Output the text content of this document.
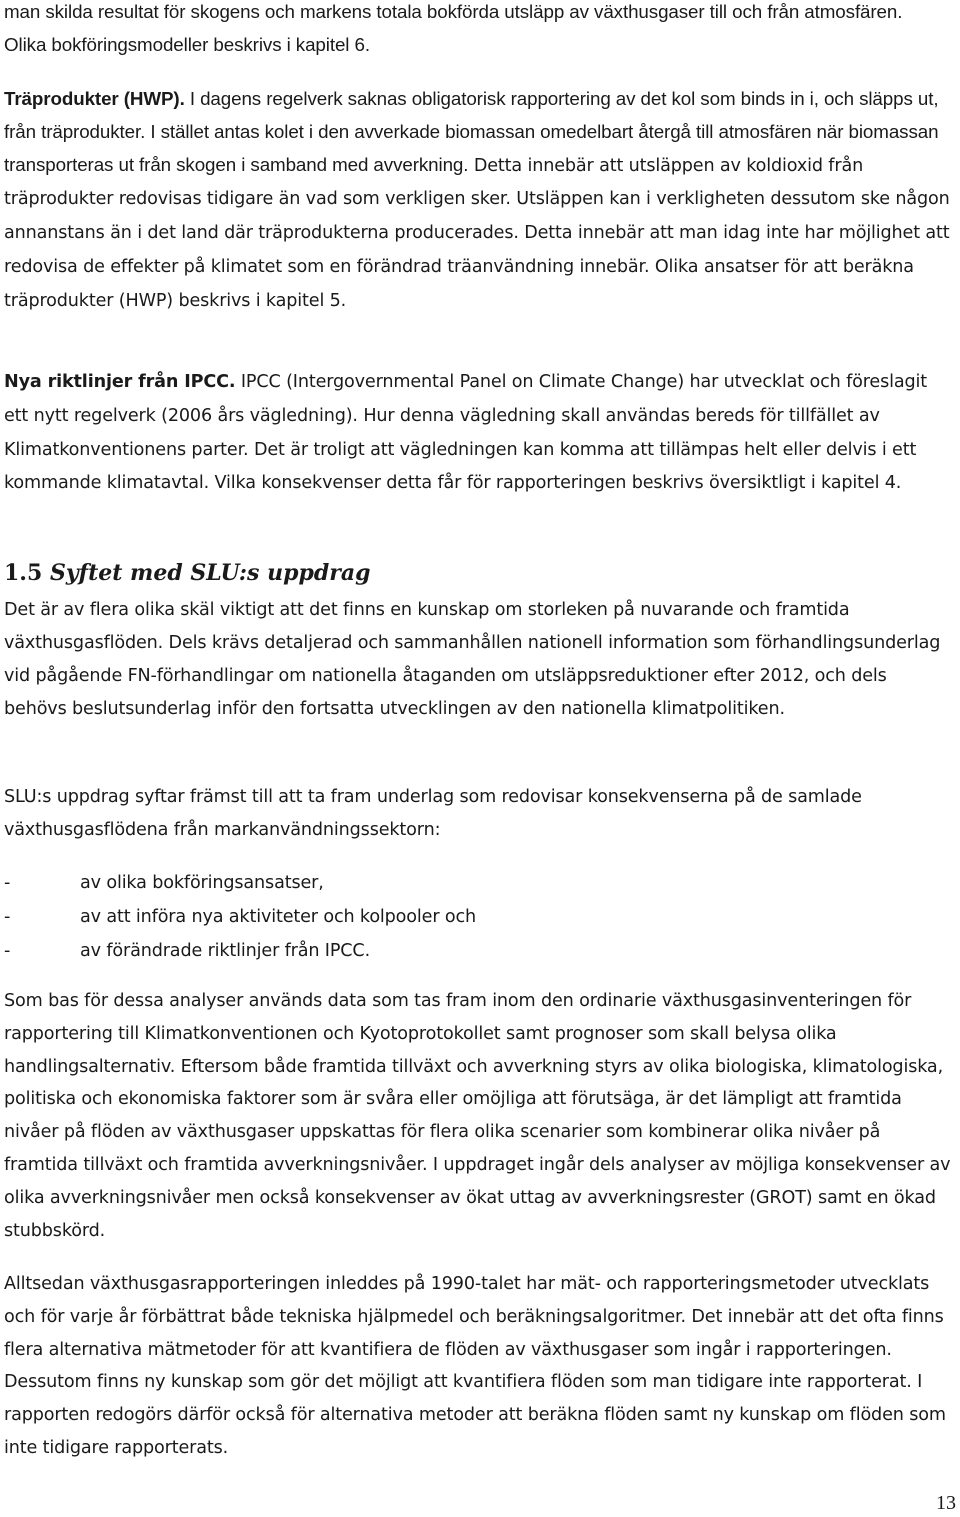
man skilda resultat för skogens och markens totala bokförda utsläpp av växthusgaser till och från atmosfären. Olika bokföringsmodeller beskrivs i kapitel 6.

Träprodukter (HWP). I dagens regelverk saknas obligatorisk rapportering av det kol som binds in i, och släpps ut, från träprodukter. I stället antas kolet i den avverkade biomassan omedelbart återgå till atmosfären när biomassan transporteras ut från skogen i samband med avverkning. Detta innebär att utsläppen av koldioxid från träprodukter redovisas tidigare än vad som verkligen sker. Utsläppen kan i verkligheten dessutom ske någon annanstans än i det land där träprodukterna producerades. Detta innebär att man idag inte har möjlighet att redovisa de effekter på klimatet som en förändrad träanvändning innebär. Olika ansatser för att beräkna träprodukter (HWP) beskrivs i kapitel 5.

Nya riktlinjer från IPCC. IPCC (Intergovernmental Panel on Climate Change) har utvecklat och föreslagit ett nytt regelverk (2006 års vägledning). Hur denna vägledning skall användas bereds för tillfället av Klimatkonventionens parter. Det är troligt att vägledningen kan komma att tillämpas helt eller delvis i ett kommande klimatavtal. Vilka konsekvenser detta får för rapporteringen beskrivs översiktligt i kapitel 4.

1.5 Syftet med SLU:s uppdrag

Det är av flera olika skäl viktigt att det finns en kunskap om storleken på nuvarande och framtida växthusgasflöden. Dels krävs detaljerad och sammanhållen nationell information som förhandlingsunderlag vid pågående FN-förhandlingar om nationella åtaganden om utsläppsreduktioner efter 2012, och dels behövs beslutsunderlag inför den fortsatta utvecklingen av den nationella klimatpolitiken.

SLU:s uppdrag syftar främst till att ta fram underlag som redovisar konsekvenserna på de samlade växthusgasflödena från markanvändningssektorn:

-	av olika bokföringsansatser,
-	av att införa nya aktiviteter och kolpooler och
-	av förändrade riktlinjer från IPCC.

Som bas för dessa analyser används data som tas fram inom den ordinarie växthusgasinventeringen för rapportering till Klimatkonventionen och Kyotoprotokollet samt prognoser som skall belysa olika handlingsalternativ. Eftersom både framtida tillväxt och avverkning styrs av olika biologiska, klimatologiska, politiska och ekonomiska faktorer som är svåra eller omöjliga att förutsäga, är det lämpligt att framtida nivåer på flöden av växthusgaser uppskattas för flera olika scenarier som kombinerar olika nivåer på framtida tillväxt och framtida avverkningsnivåer. I uppdraget ingår dels analyser av möjliga konsekvenser av olika avverkningsnivåer men också konsekvenser av ökat uttag av avverkningsrester (GROT) samt en ökad stubbskörd.

Alltsedan växthusgasrapporteringen inleddes på 1990-talet har mät- och rapporteringsmetoder utvecklats och för varje år förbättrat både tekniska hjälpmedel och beräkningsalgoritmer. Det innebär att det ofta finns flera alternativa mätmetoder för att kvantifiera de flöden av växthusgaser som ingår i rapporteringen. Dessutom finns ny kunskap som gör det möjligt att kvantifiera flöden som man tidigare inte rapporterat. I rapporten redogörs därför också för alternativa metoder att beräkna flöden samt ny kunskap om flöden som inte tidigare rapporterats.

13
